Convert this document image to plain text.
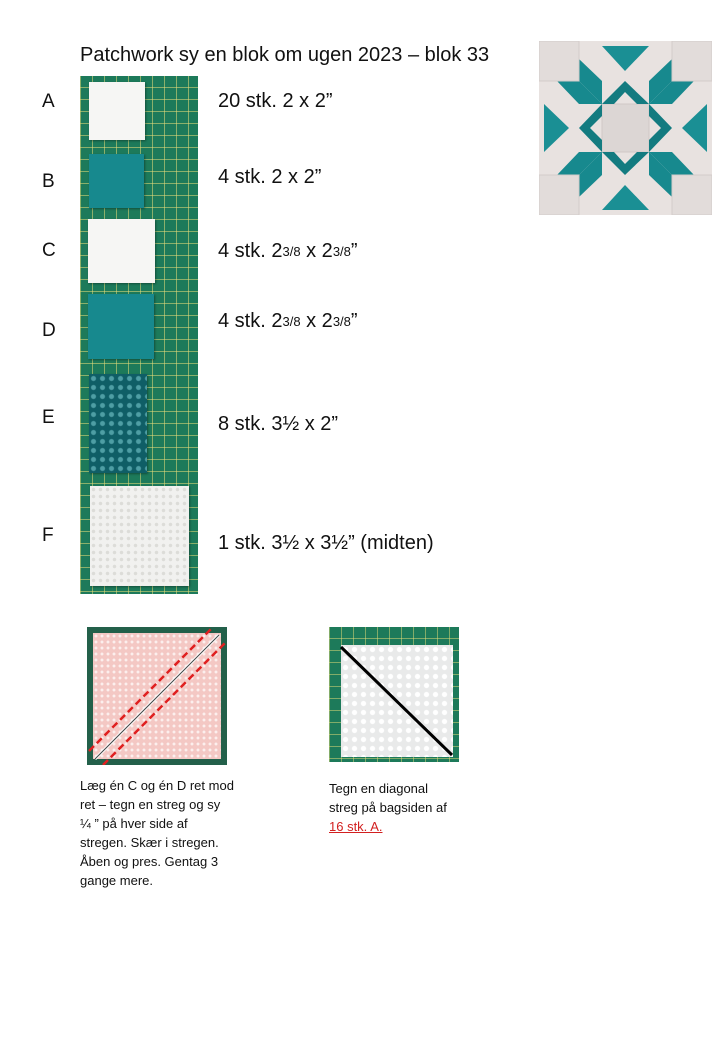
Patchwork sy en blok om ugen 2023 – blok 33
A
B
C
D
E
F
20 stk. 2 x 2”
4 stk. 2 x 2”
4 stk. $2_{3/8}$ x $2_{3/8}$”
4 stk. $2_{3/8}$ x $2_{3/8}$”
8 stk. 3½ x 2”
1 stk. 3½ x 3½” (midten)
Læg én C og én D ret mod
ret – tegn en streg og sy
¼ ” på hver side af
stregen. Skær i stregen.
Åben og pres. Gentag 3
gange mere.
Tegn en diagonal
streg på bagsiden af
16 stk. A.
